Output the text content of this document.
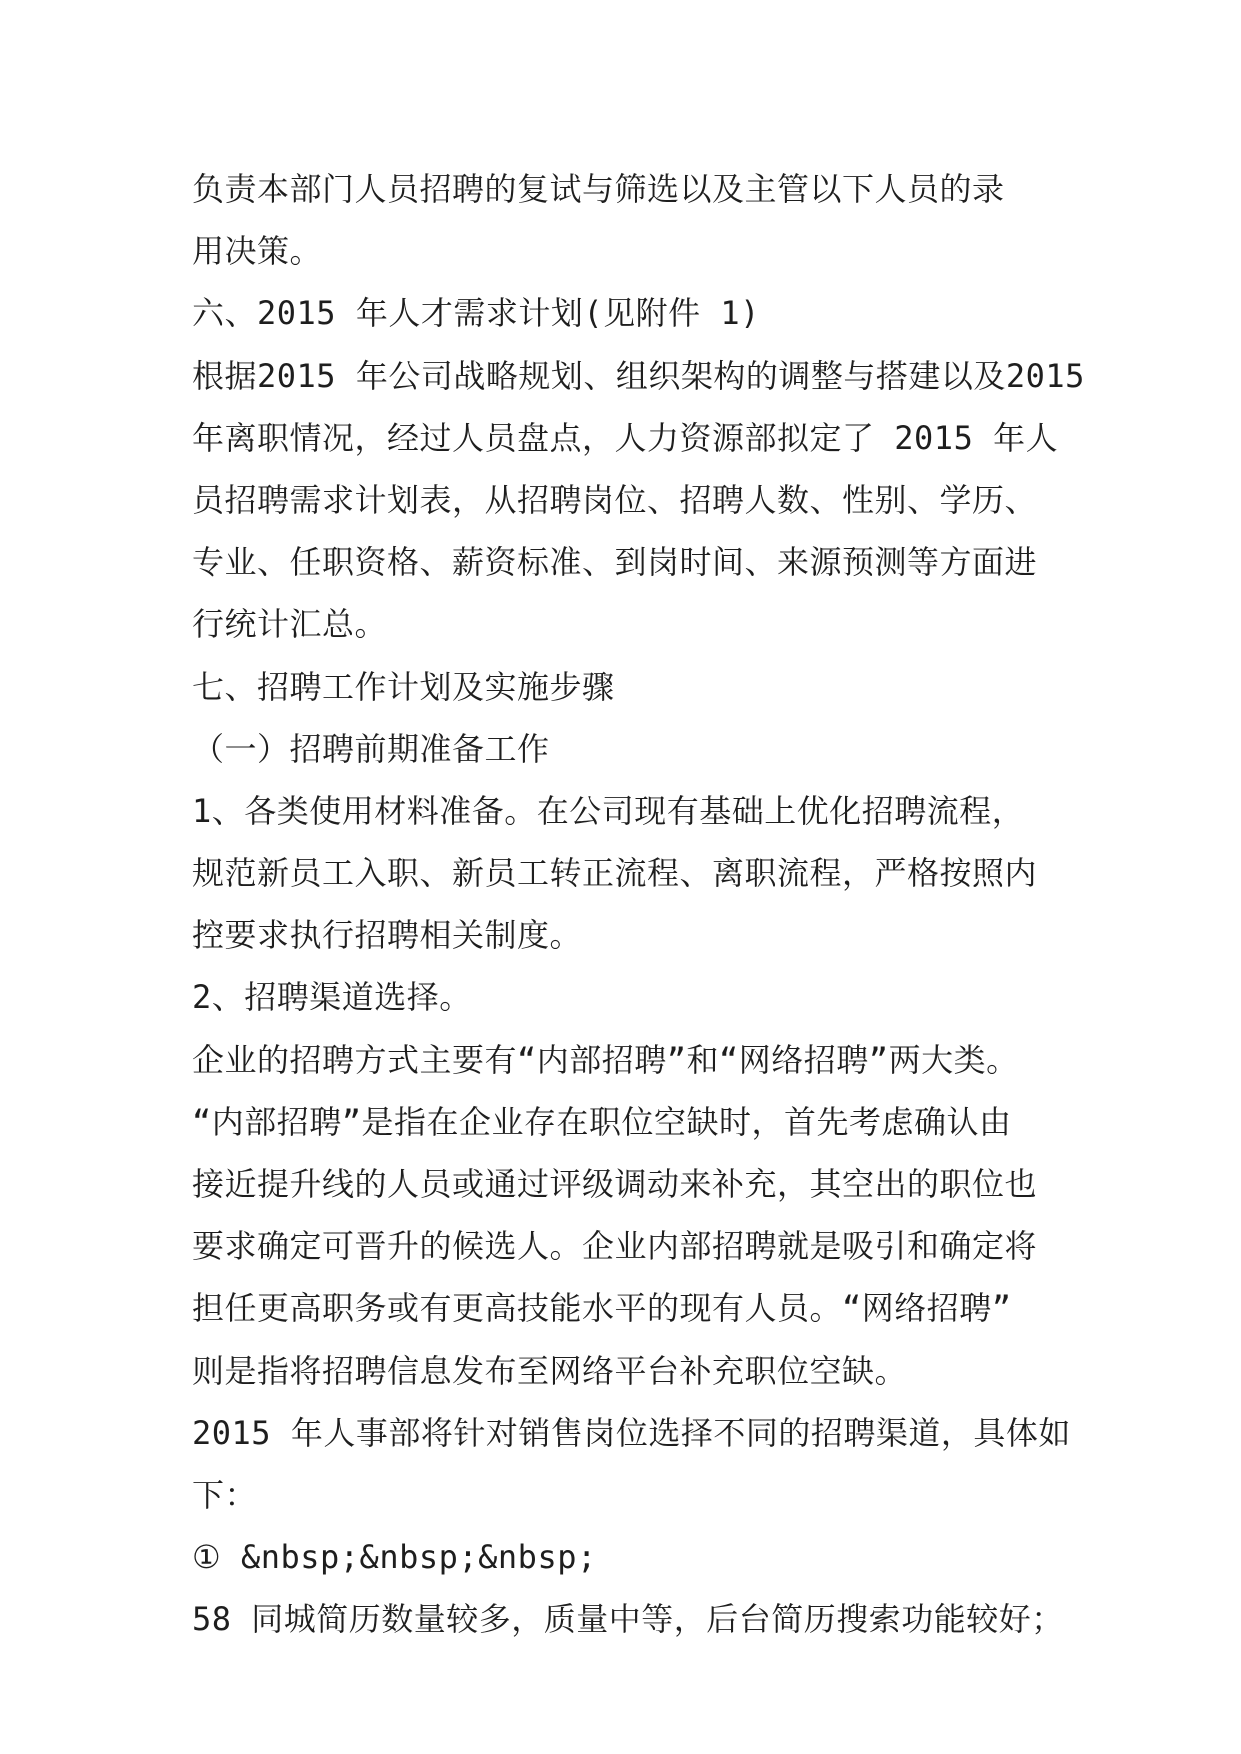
负责本部门人员招聘的复试与筛选以及主管以下人员的录
用决策。
六、2015 年人才需求计划(见附件 1)
根据2015 年公司战略规划、组织架构的调整与搭建以及2015
年离职情况，经过人员盘点，人力资源部拟定了 2015 年人
员招聘需求计划表，从招聘岗位、招聘人数、性别、学历、
专业、任职资格、薪资标准、到岗时间、来源预测等方面进
行统计汇总。
七、招聘工作计划及实施步骤
（一）招聘前期准备工作
1、各类使用材料准备。在公司现有基础上优化招聘流程，
规范新员工入职、新员工转正流程、离职流程，严格按照内
控要求执行招聘相关制度。
2、招聘渠道选择。
企业的招聘方式主要有“内部招聘”和“网络招聘”两大类。
“内部招聘”是指在企业存在职位空缺时，首先考虑确认由
接近提升线的人员或通过评级调动来补充，其空出的职位也
要求确定可晋升的候选人。企业内部招聘就是吸引和确定将
担任更高职务或有更高技能水平的现有人员。“网络招聘”
则是指将招聘信息发布至网络平台补充职位空缺。
2015 年人事部将针对销售岗位选择不同的招聘渠道，具体如
下：
① &nbsp;&nbsp;&nbsp;
58 同城简历数量较多，质量中等，后台简历搜索功能较好；
